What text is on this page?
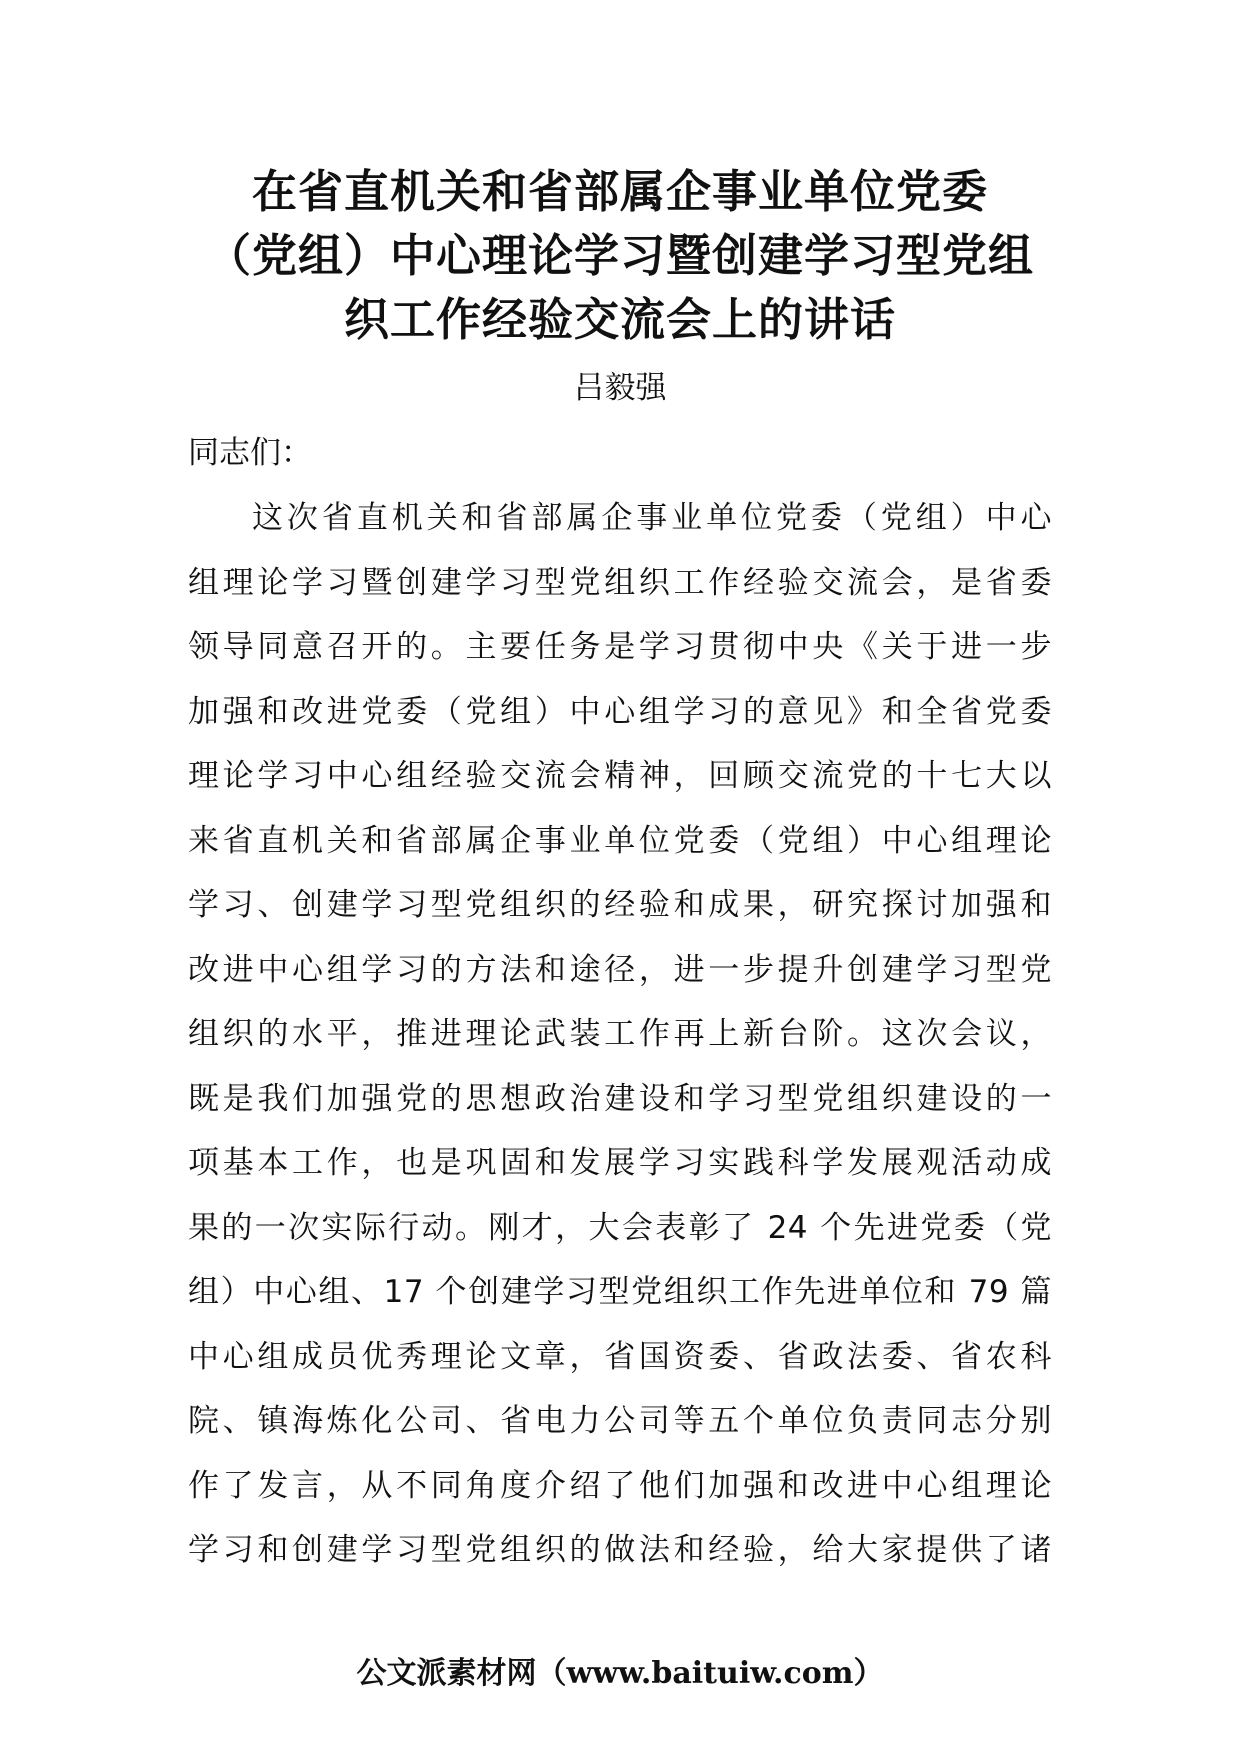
在省直机关和省部属企事业单位党委
（党组）中心理论学习暨创建学习型党组
织工作经验交流会上的讲话
吕毅强
同志们：
这次省直机关和省部属企事业单位党委（党组）中心
组理论学习暨创建学习型党组织工作经验交流会，是省委
领导同意召开的。主要任务是学习贯彻中央《关于进一步
加强和改进党委（党组）中心组学习的意见》和全省党委
理论学习中心组经验交流会精神，回顾交流党的十七大以
来省直机关和省部属企事业单位党委（党组）中心组理论
学习、创建学习型党组织的经验和成果，研究探讨加强和
改进中心组学习的方法和途径，进一步提升创建学习型党
组织的水平，推进理论武装工作再上新台阶。这次会议，
既是我们加强党的思想政治建设和学习型党组织建设的一
项基本工作，也是巩固和发展学习实践科学发展观活动成
果的一次实际行动。刚才，大会表彰了 24 个先进党委（党
组）中心组、17 个创建学习型党组织工作先进单位和 79 篇
中心组成员优秀理论文章，省国资委、省政法委、省农科
院、镇海炼化公司、省电力公司等五个单位负责同志分别
作了发言，从不同角度介绍了他们加强和改进中心组理论
学习和创建学习型党组织的做法和经验，给大家提供了诸
公文派素材网（www.baituiw.com）
